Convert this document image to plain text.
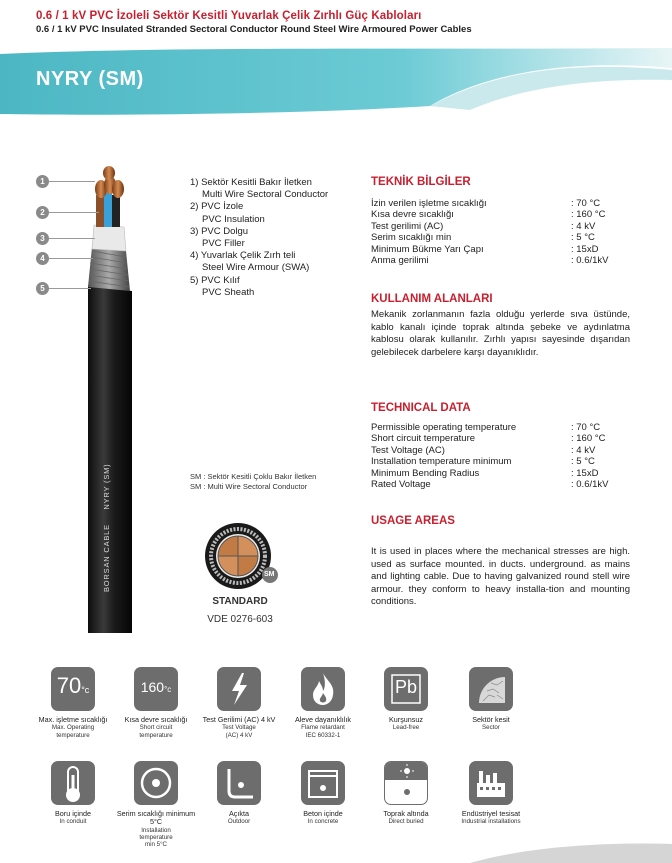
0.6 / 1 kV PVC İzoleli Sektör Kesitli Yuvarlak Çelik Zırhlı Güç Kabloları
0.6 / 1 kV PVC Insulated Stranded Sectoral Conductor Round Steel Wire Armoured Power Cables
NYRY (SM)
1
2
3
4
5
BORSAN CABLE     NYRY (SM)
1) Sektör Kesitli Bakır İletken
Multi Wire Sectoral Conductor
2) PVC İzole
PVC Insulation
3) PVC Dolgu
PVC Filler
4) Yuvarlak Çelik Zırh teli
Steel Wire Armour (SWA)
5) PVC Kılıf
PVC Sheath
SM : Sektör Kesitli Çoklu Bakır İletken
SM : Multi Wire Sectoral Conductor
SM
STANDARD
VDE 0276-603
TEKNİK BİLGİLER
İzin verilen işletme sıcaklığı	: 70 °C
Kısa devre sıcaklığı	: 160 °C
Test gerilimi (AC)	: 4 kV
Serim sıcaklığı min	: 5 °C
Minimum Bükme Yarı Çapı	: 15xD
Anma gerilimi	: 0.6/1kV
KULLANIM ALANLARI
Mekanik zorlanmanın fazla olduğu yerlerde sıva üstünde, kablo kanalı içinde toprak altında şebeke ve aydınlatma kablosu olarak kullanılır. Zırhlı yapısı sayesinde dışarıdan gelebilecek darbelere karşı dayanıklıdır.
TECHNICAL DATA
Permissible operating temperature	: 70 °C
Short circuit temperature	: 160 °C
Test Voltage (AC)	: 4 kV
Installation temperature minimum	: 5 °C
Minimum Bending Radius	: 15xD
Rated Voltage	: 0.6/1kV
USAGE AREAS
It is used in places where the mechanical stresses are high. used as surface mounted. in ducts. underground. as mains and lighting cable. Due to having galvanized round stell wire armour. they conform to heavy installa-tion and mounting conditions.
70°c
Max. işletme sıcaklığı
Max. Operating
temperature
160°c
Kısa devre sıcaklığı
Short circuit
temperature
Test Gerilimi (AC) 4 kV
Test Voltage
(AC) 4 kV
Aleve dayanıklılık
Flame retardant
IEC 60332-1
Pb
Kurşunsuz
Lead-free
Sektör kesit
Sector
Boru içinde
In conduit
Serim sıcaklığı minimum 5°C
Installation
temperature
min 5°C
Açıkta
Outdoor
Beton içinde
In concrete
Toprak altında
Direct buried
Endüstriyel tesisat
Industrial installations
